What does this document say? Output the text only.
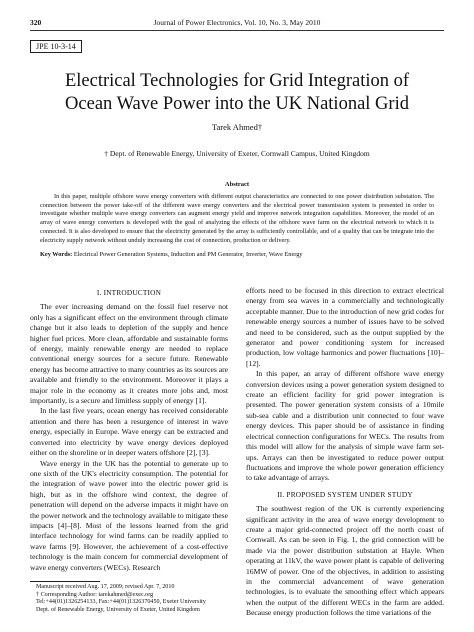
320	Journal of Power Electronics, Vol. 10, No. 3, May 2010
JPE 10-3-14
Electrical Technologies for Grid Integration of
Ocean Wave Power into the UK National Grid
Tarek Ahmed†
† Dept. of Renewable Energy, University of Exeter, Cornwall Campus, United Kingdom
Abstract
In this paper, multiple offshore wave energy converters with different output characteristics are connected to one power distribution substation. The connection between the power take-off of the different wave energy converters and the electrical power transmission system is presented in order to investigate whether multiple wave energy converters can augment energy yield and improve network integration capabilities. Moreover, the model of an array of wave energy converters is developed with the goal of analyzing the effects of the offshore wave farm on the electrical network to which it is connected. It is also developed to ensure that the electricity generated by the array is sufficiently controllable, and of a quality that can be integrate into the electricity supply network without unduly increasing the cost of connection, production or delivery.
Key Words: Electrical Power Generation Systems, Induction and PM Generator, Inverter, Wave Energy
I. INTRODUCTION

The ever increasing demand on the fossil fuel reserve not only has a significant effect on the environment through climate change but it also leads to depletion of the supply and hence higher fuel prices. More clean, affordable and sustainable forms of energy, mainly renewable energy are needed to replace conventional energy sources for a secure future. Renewable energy has become attractive to many countries as its sources are available and friendly to the environment. Moreover it plays a major role in the economy as it creates more jobs and, most importantly, is a secure and limitless supply of energy [1].

In the last five years, ocean energy has received considerable attention and there has been a resurgence of interest in wave energy, especially in Europe. Wave energy can be extracted and converted into electricity by wave energy devices deployed either on the shoreline or in deeper waters offshore [2], [3].

Wave energy in the UK has the potential to generate up to one sixth of the UK's electricity consumption. The potential for the integration of wave power into the electric power grid is high, but as in the offshore wind context, the degree of penetration will depend on the adverse impacts it might have on the power network and the technology available to mitigate these impacts [4]–[8]. Most of the lessons learned from the grid interface technology for wind farms can be readily applied to wave farms [9]. However, the achievement of a cost-effective technology is the main concern for commercial development of wave energy converters (WECs). Research

Manuscript received Aug. 17, 2009; revised Apr. 7, 2010
† Corresponding Author: tarekahmed@exec.org
Tel:+44(01)1326254133, Fax:+44(01)1326370450, Exeter University
Dept. of Renewable Energy, University of Exeter, United Kingdom

efforts need to be focused in this direction to extract electrical energy from sea waves in a commercially and technologically acceptable manner. Due to the introduction of new grid codes for renewable energy sources a number of issues have to be solved and need to be considered, such as the output supplied by the generator and power conditioning system for increased production, low voltage harmonics and power fluctuations [10]–[12].

In this paper, an array of different offshore wave energy conversion devices using a power generation system designed to create an efficient facility for grid power integration is presented. The power generation system consists of a 10mile sub-sea cable and a distribution unit connected to four wave energy devices. This paper should be of assistance in finding electrical connection configurations for WECs. The results from this model will allow for the analysis of simple wave farm set-ups. Arrays can then be investigated to reduce power output fluctuations and improve the whole power generation efficiency to take advantage of arrays.

II. PROPOSED SYSTEM UNDER STUDY

The southwest region of the UK is currently experiencing significant activity in the area of wave energy development to create a major grid-connected project off the north coast of Cornwall. As can be seen in Fig. 1, the grid connection will be made via the power distribution substation at Hayle. When operating at 11kV, the wave power plant is capable of delivering 16MW of power. One of the objectives, in addition to assisting in the commercial advancement of wave generation technologies, is to evaluate the smoothing effect which appears when the output of the different WECs in the farm are added. Because energy production follows the time variations of the
